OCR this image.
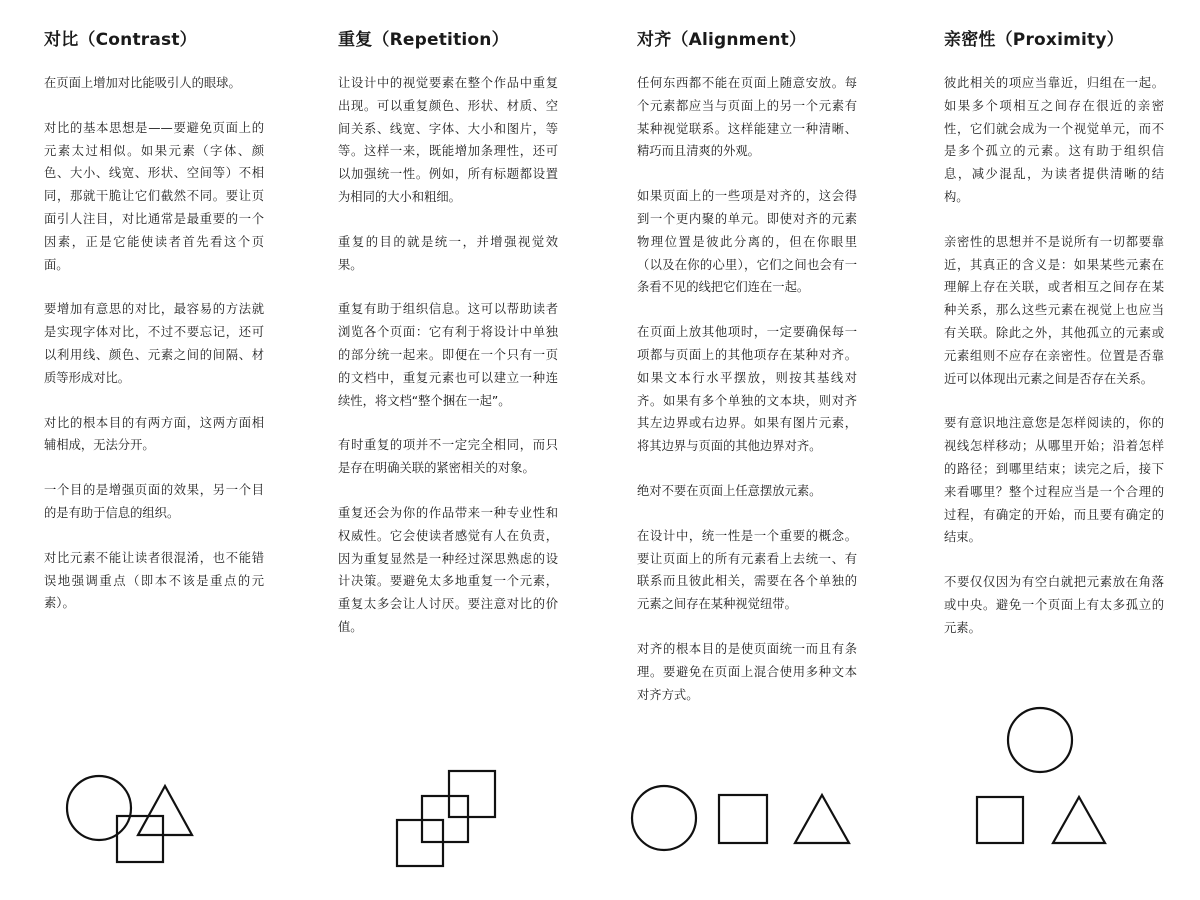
对比（Contrast）

在页面上增加对比能吸引人的眼球。

对比的基本思想是——要避免页面上的元素太过相似。如果元素（字体、颜色、大小、线宽、形状、空间等）不相同，那就干脆让它们截然不同。要让页面引人注目，对比通常是最重要的一个因素，正是它能使读者首先看这个页面。

要增加有意思的对比，最容易的方法就是实现字体对比，不过不要忘记，还可以利用线、颜色、元素之间的间隔、材质等形成对比。

对比的根本目的有两方面，这两方面相辅相成，无法分开。

一个目的是增强页面的效果，另一个目的是有助于信息的组织。

对比元素不能让读者很混淆，也不能错误地强调重点（即本不该是重点的元素）。

重复（Repetition）

让设计中的视觉要素在整个作品中重复出现。可以重复颜色、形状、材质、空间关系、线宽、字体、大小和图片，等等。这样一来，既能增加条理性，还可以加强统一性。例如，所有标题都设置为相同的大小和粗细。

重复的目的就是统一，并增强视觉效果。

重复有助于组织信息。这可以帮助读者浏览各个页面：它有利于将设计中单独的部分统一起来。即便在一个只有一页的文档中，重复元素也可以建立一种连续性，将文档“整个捆在一起”。

有时重复的项并不一定完全相同，而只是存在明确关联的紧密相关的对象。

重复还会为你的作品带来一种专业性和权威性。它会使读者感觉有人在负责，因为重复显然是一种经过深思熟虑的设计决策。要避免太多地重复一个元素，重复太多会让人讨厌。要注意对比的价值。

对齐（Alignment）

任何东西都不能在页面上随意安放。每个元素都应当与页面上的另一个元素有某种视觉联系。这样能建立一种清晰、精巧而且清爽的外观。

如果页面上的一些项是对齐的，这会得到一个更内聚的单元。即使对齐的元素物理位置是彼此分离的，但在你眼里（以及在你的心里），它们之间也会有一条看不见的线把它们连在一起。

在页面上放其他项时，一定要确保每一项都与页面上的其他项存在某种对齐。如果文本行水平摆放，则按其基线对齐。如果有多个单独的文本块，则对齐其左边界或右边界。如果有图片元素，将其边界与页面的其他边界对齐。

绝对不要在页面上任意摆放元素。

在设计中，统一性是一个重要的概念。要让页面上的所有元素看上去统一、有联系而且彼此相关，需要在各个单独的元素之间存在某种视觉纽带。

对齐的根本目的是使页面统一而且有条理。要避免在页面上混合使用多种文本对齐方式。

亲密性（Proximity）

彼此相关的项应当靠近，归组在一起。如果多个项相互之间存在很近的亲密性，它们就会成为一个视觉单元，而不是多个孤立的元素。这有助于组织信息，减少混乱，为读者提供清晰的结构。

亲密性的思想并不是说所有一切都要靠近，其真正的含义是：如果某些元素在理解上存在关联，或者相互之间存在某种关系，那么这些元素在视觉上也应当有关联。除此之外，其他孤立的元素或元素组则不应存在亲密性。位置是否靠近可以体现出元素之间是否存在关系。

要有意识地注意您是怎样阅读的，你的视线怎样移动；从哪里开始；沿着怎样的路径；到哪里结束；读完之后，接下来看哪里？整个过程应当是一个合理的过程，有确定的开始，而且要有确定的结束。

不要仅仅因为有空白就把元素放在角落或中央。避免一个页面上有太多孤立的元素。
